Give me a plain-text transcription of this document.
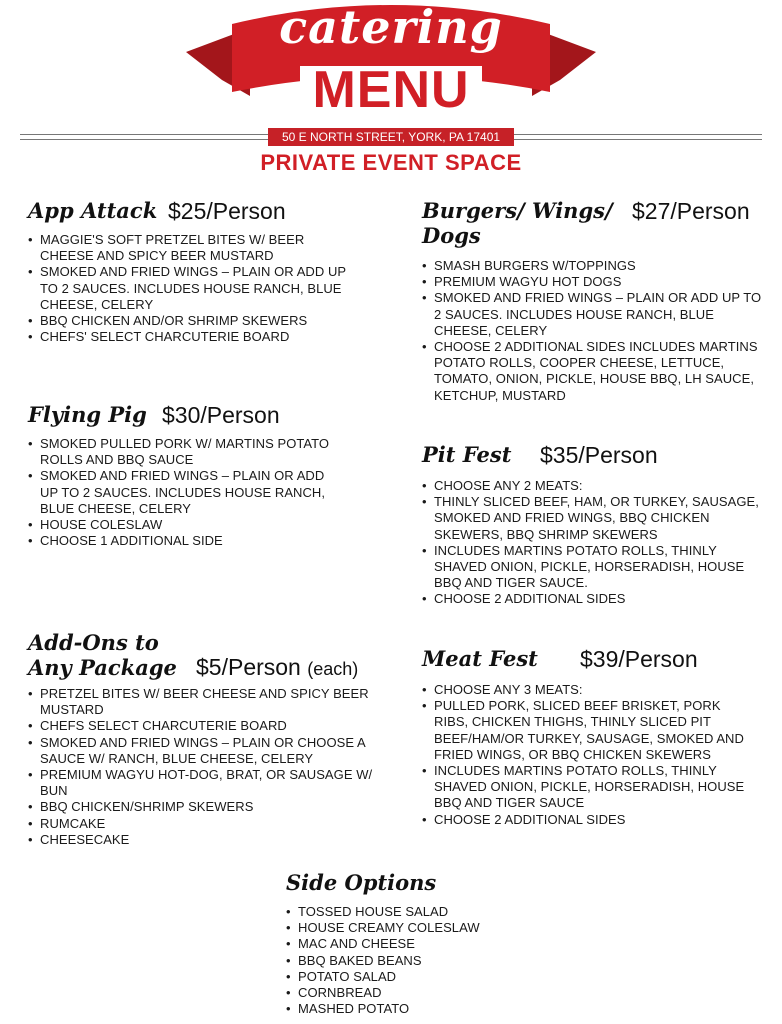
catering
MENU
50 E NORTH STREET, YORK, PA 17401
PRIVATE EVENT SPACE
App Attack $25/Person
• MAGGIE'S SOFT PRETZEL BITES W/ BEER CHEESE AND SPICY BEER MUSTARD
• SMOKED AND FRIED WINGS – PLAIN OR ADD UP TO 2 SAUCES. INCLUDES HOUSE RANCH, BLUE CHEESE, CELERY
• BBQ CHICKEN AND/OR SHRIMP SKEWERS
• CHEFS' SELECT CHARCUTERIE BOARD
Burgers/ Wings/ Dogs
$27/Person
• SMASH BURGERS W/TOPPINGS
• PREMIUM WAGYU HOT DOGS
• SMOKED AND FRIED WINGS – PLAIN OR ADD UP TO 2 SAUCES. INCLUDES HOUSE RANCH, BLUE CHEESE, CELERY
• CHOOSE 2 ADDITIONAL SIDES INCLUDES MARTINS POTATO ROLLS, COOPER CHEESE, LETTUCE, TOMATO, ONION, PICKLE, HOUSE BBQ, LH SAUCE, KETCHUP, MUSTARD
Flying Pig $30/Person
• SMOKED PULLED PORK W/ MARTINS POTATO ROLLS AND BBQ SAUCE
• SMOKED AND FRIED WINGS – PLAIN OR ADD UP TO 2 SAUCES. INCLUDES HOUSE RANCH, BLUE CHEESE, CELERY
• HOUSE COLESLAW
• CHOOSE 1 ADDITIONAL SIDE
Pit Fest $35/Person
• CHOOSE ANY 2 MEATS:
• THINLY SLICED BEEF, HAM, OR TURKEY, SAUSAGE, SMOKED AND FRIED WINGS, BBQ CHICKEN SKEWERS, BBQ SHRIMP SKEWERS
• INCLUDES MARTINS POTATO ROLLS, THINLY SHAVED ONION, PICKLE, HORSERADISH, HOUSE BBQ AND TIGER SAUCE.
• CHOOSE 2 ADDITIONAL SIDES
Add-Ons to
Any Package $5/Person (each)
• PRETZEL BITES W/ BEER CHEESE AND SPICY BEER MUSTARD
• CHEFS SELECT CHARCUTERIE BOARD
• SMOKED AND FRIED WINGS – PLAIN OR CHOOSE A SAUCE W/ RANCH, BLUE CHEESE, CELERY
• PREMIUM WAGYU HOT-DOG, BRAT, OR SAUSAGE W/ BUN
• BBQ CHICKEN/SHRIMP SKEWERS
• RUMCAKE
• CHEESECAKE
Meat Fest $39/Person
• CHOOSE ANY 3 MEATS:
• PULLED PORK, SLICED BEEF BRISKET, PORK RIBS, CHICKEN THIGHS, THINLY SLICED PIT BEEF/HAM/OR TURKEY, SAUSAGE, SMOKED AND FRIED WINGS, OR BBQ CHICKEN SKEWERS
• INCLUDES MARTINS POTATO ROLLS, THINLY SHAVED ONION, PICKLE, HORSERADISH, HOUSE BBQ AND TIGER SAUCE
• CHOOSE 2 ADDITIONAL SIDES
Side Options
• TOSSED HOUSE SALAD
• HOUSE CREAMY COLESLAW
• MAC AND CHEESE
• BBQ BAKED BEANS
• POTATO SALAD
• CORNBREAD
• MASHED POTATO
